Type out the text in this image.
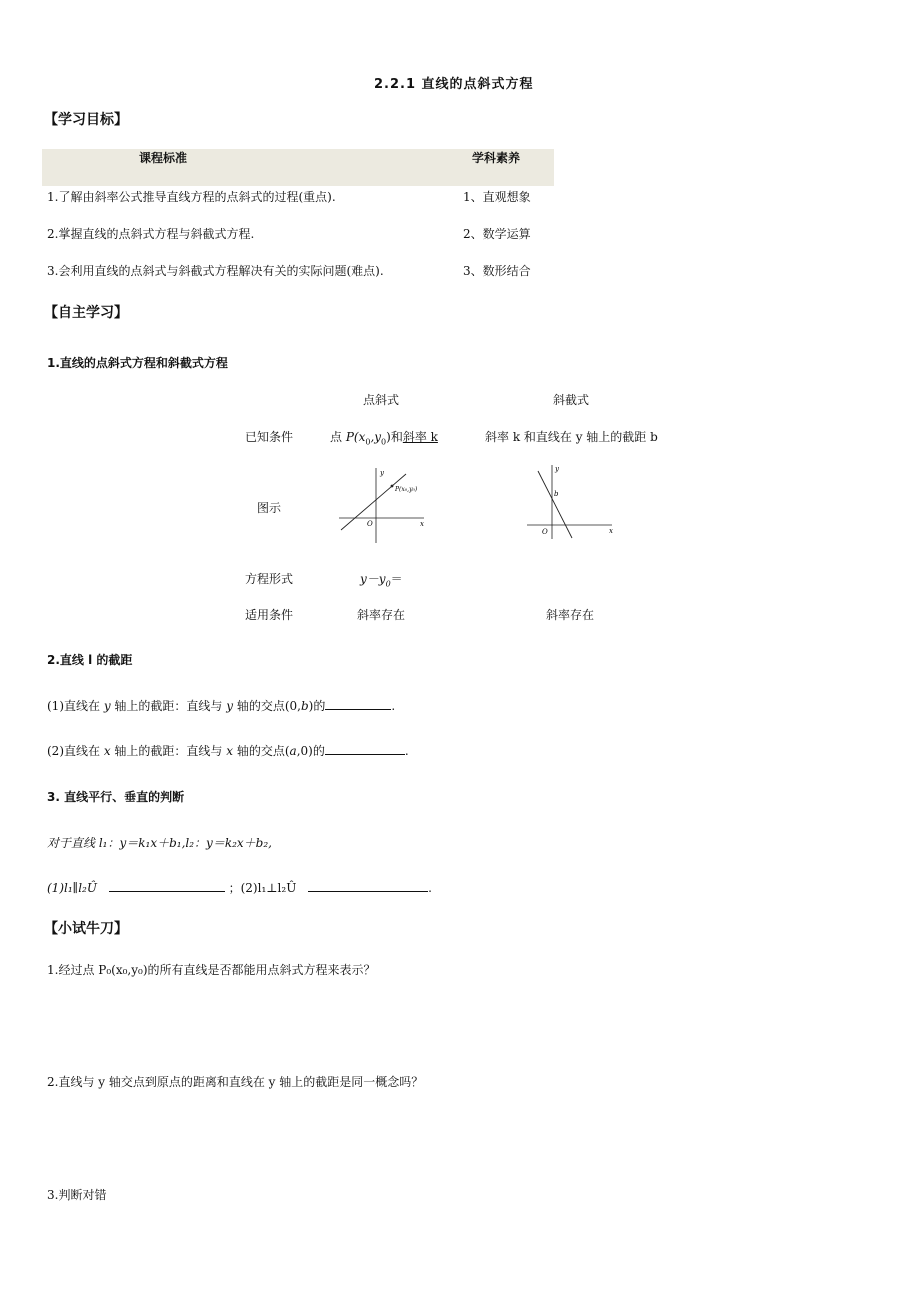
2.2.1 直线的点斜式方程
【学习目标】
课程标准	学科素养
1.了解由斜率公式推导直线方程的点斜式的过程(重点).	1、直观想象
2.掌握直线的点斜式方程与斜截式方程.	2、数学运算
3.会利用直线的点斜式与斜截式方程解决有关的实际问题(难点).	3、数形结合
【自主学习】
1.直线的点斜式方程和斜截式方程
点斜式	斜截式
已知条件	点 $P(x_0,y_0)$和斜率 k	斜率 k 和直线在 y 轴上的截距 b
图示
y
x
O
P(x₀,y₀)
y
x
O
b
方程形式	$y-y_0=$
适用条件	斜率存在	斜率存在
2.直线 l 的截距
(1)直线在 y 轴上的截距：直线与 y 轴的交点(0,b)的	.
(2)直线在 x 轴上的截距：直线与 x 轴的交点(a,0)的	.
3. 直线平行、垂直的判断
对于直线 l₁：y＝k₁x＋b₁,l₂：y＝k₂x＋b₂,
(1)l₁∥l₂Û	；(2)l₁⊥l₂Û	.
【小试牛刀】
1.经过点 P₀(x₀,y₀)的所有直线是否都能用点斜式方程来表示？
2.直线与 y 轴交点到原点的距离和直线在 y 轴上的截距是同一概念吗？
3.判断对错
